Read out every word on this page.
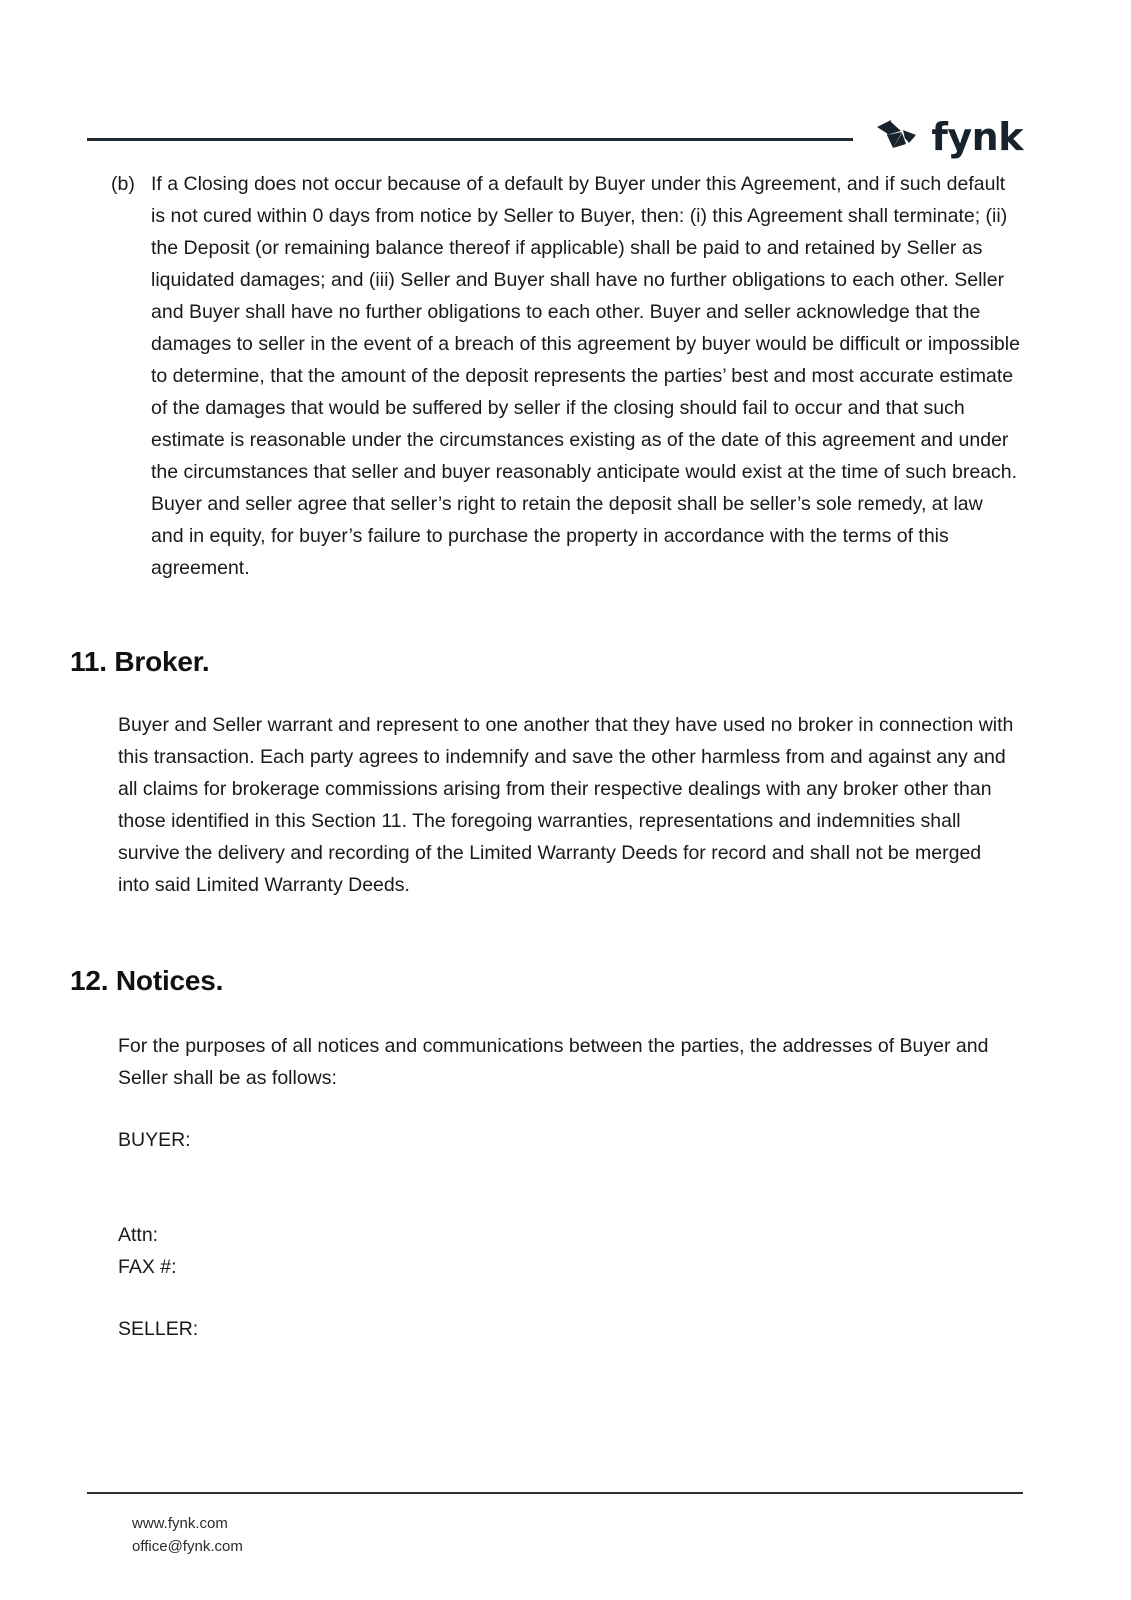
fynk
(b) If a Closing does not occur because of a default by Buyer under this Agreement, and if such default is not cured within 0 days from notice by Seller to Buyer, then: (i) this Agreement shall terminate; (ii) the Deposit (or remaining balance thereof if applicable) shall be paid to and retained by Seller as liquidated damages; and (iii) Seller and Buyer shall have no further obligations to each other. Seller and Buyer shall have no further obligations to each other. Buyer and seller acknowledge that the damages to seller in the event of a breach of this agreement by buyer would be difficult or impossible to determine, that the amount of the deposit represents the parties’ best and most accurate estimate of the damages that would be suffered by seller if the closing should fail to occur and that such estimate is reasonable under the circumstances existing as of the date of this agreement and under the circumstances that seller and buyer reasonably anticipate would exist at the time of such breach. Buyer and seller agree that seller’s right to retain the deposit shall be seller’s sole remedy, at law and in equity, for buyer’s failure to purchase the property in accordance with the terms of this agreement.
11. Broker.

Buyer and Seller warrant and represent to one another that they have used no broker in connection with this transaction. Each party agrees to indemnify and save the other harmless from and against any and all claims for brokerage commissions arising from their respective dealings with any broker other than those identified in this Section 11. The foregoing warranties, representations and indemnities shall survive the delivery and recording of the Limited Warranty Deeds for record and shall not be merged into said Limited Warranty Deeds.

12. Notices.

For the purposes of all notices and communications between the parties, the addresses of Buyer and Seller shall be as follows:

BUYER:
Attn:
FAX #:
SELLER:
www.fynk.com
office@fynk.com
